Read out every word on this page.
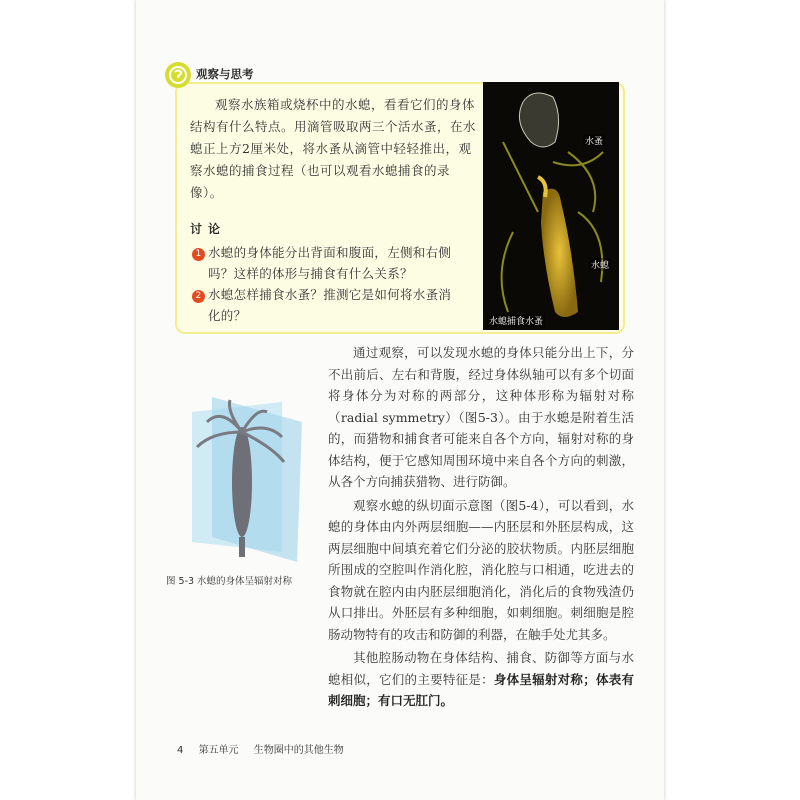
观察与思考
观察水族箱或烧杯中的水螅，看看它们的身体结构有什么特点。用滴管吸取两三个活水蚤，在水螅正上方2厘米处，将水蚤从滴管中轻轻推出，观察水螅的捕食过程（也可以观看水螅捕食的录像）。
讨论
1 水螅的身体能分出背面和腹面，左侧和右侧
吗？这样的体形与捕食有什么关系？
2 水螅怎样捕食水蚤？推测它是如何将水蚤消
化的？
水蚤
水螅
水螅捕食水蚤
图 5-3 水螅的身体呈辐射对称

通过观察，可以发现水螅的身体只能分出上下，分不出前后、左右和背腹，经过身体纵轴可以有多个切面将身体分为对称的两部分，这种体形称为辐射对称（radial symmetry）（图5-3）。由于水螅是附着生活的，而猎物和捕食者可能来自各个方向，辐射对称的身体结构，便于它感知周围环境中来自各个方向的刺激，从各个方向捕获猎物、进行防御。

观察水螅的纵切面示意图（图5-4），可以看到，水螅的身体由内外两层细胞——内胚层和外胚层构成，这两层细胞中间填充着它们分泌的胶状物质。内胚层细胞所围成的空腔叫作消化腔，消化腔与口相通，吃进去的食物就在腔内由内胚层细胞消化，消化后的食物残渣仍从口排出。外胚层有多种细胞，如刺细胞。刺细胞是腔肠动物特有的攻击和防御的利器，在触手处尤其多。

其他腔肠动物在身体结构、捕食、防御等方面与水螅相似，它们的主要特征是：身体呈辐射对称；体表有刺细胞；有口无肛门。

4 第五单元 生物圈中的其他生物
